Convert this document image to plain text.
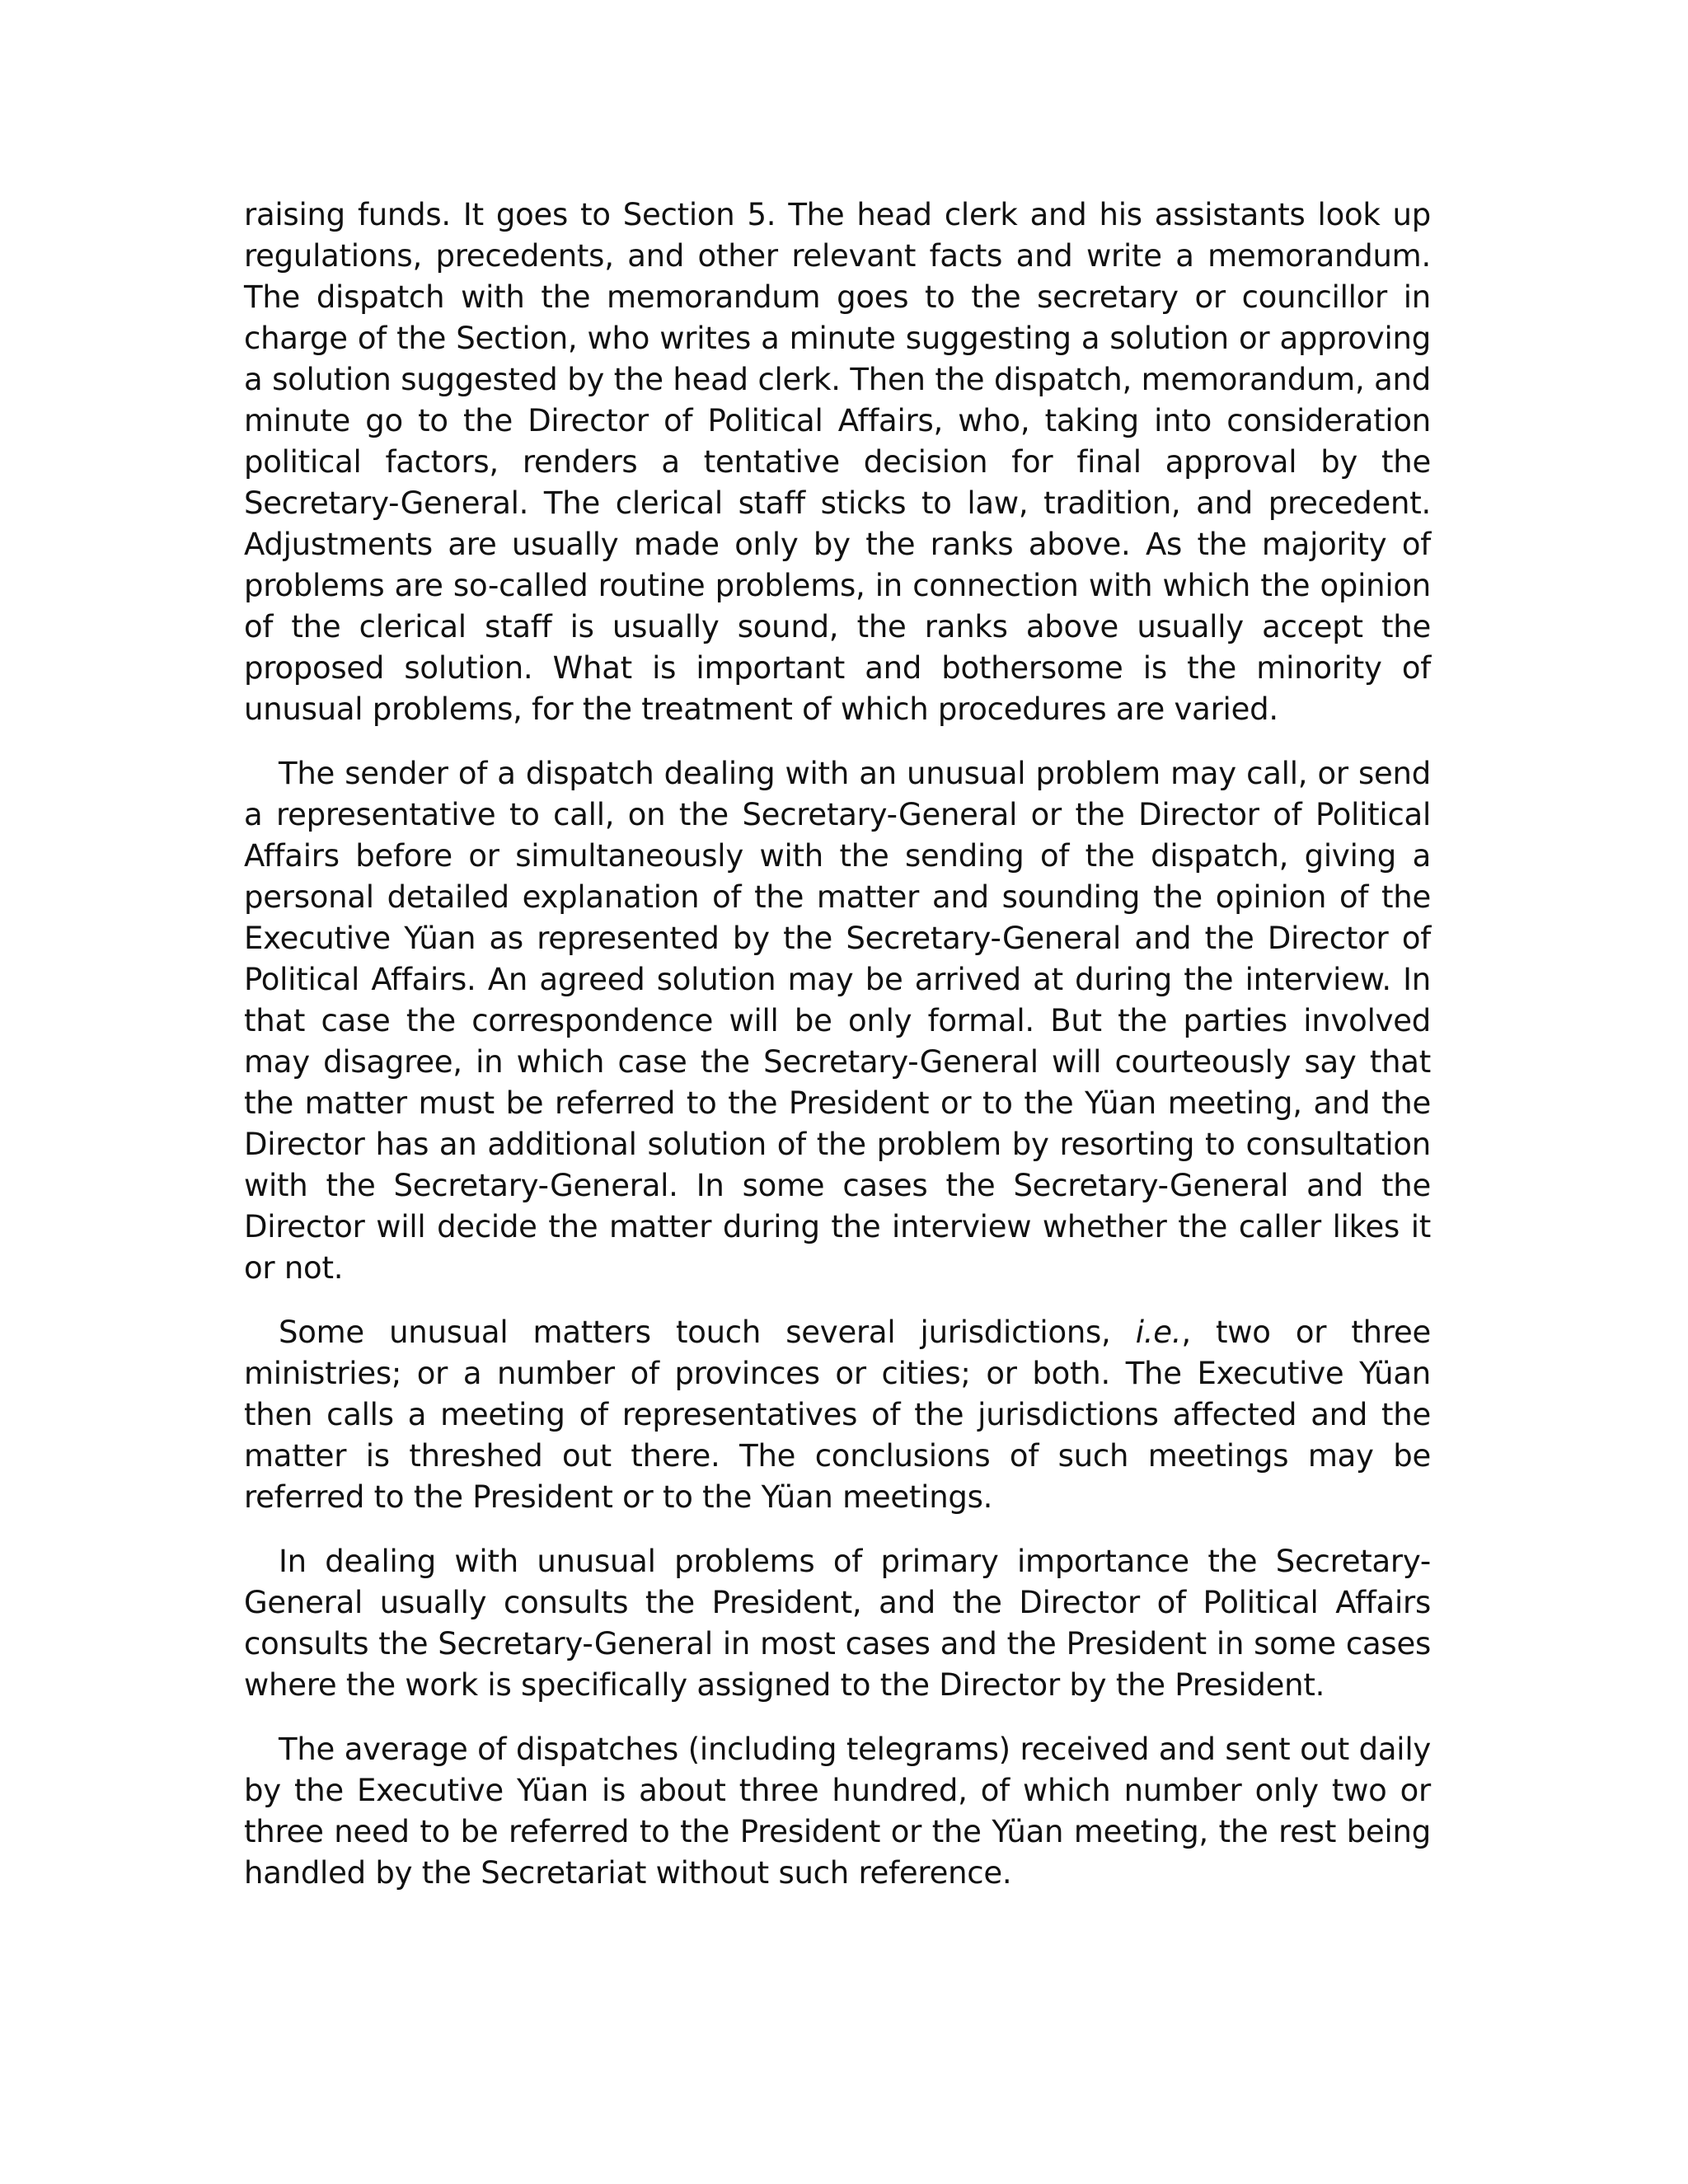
raising funds. It goes to Section 5. The head clerk and his assistants look up regulations, precedents, and other relevant facts and write a memorandum. The dispatch with the memorandum goes to the secretary or councillor in charge of the Section, who writes a minute suggesting a solution or approving a solution suggested by the head clerk. Then the dispatch, memorandum, and minute go to the Director of Political Affairs, who, taking into consideration political factors, renders a tentative decision for final approval by the Secretary-General. The clerical staff sticks to law, tradition, and precedent. Adjustments are usually made only by the ranks above. As the majority of problems are so-called routine problems, in connection with which the opinion of the clerical staff is usually sound, the ranks above usually accept the proposed solution. What is important and bothersome is the minority of unusual problems, for the treatment of which procedures are varied.

The sender of a dispatch dealing with an unusual problem may call, or send a representative to call, on the Secretary-General or the Director of Political Affairs before or simultaneously with the sending of the dispatch, giving a personal detailed explanation of the matter and sounding the opinion of the Executive Yüan as represented by the Secretary-General and the Director of Political Affairs. An agreed solution may be arrived at during the interview. In that case the correspondence will be only formal. But the parties involved may disagree, in which case the Secretary-General will courteously say that the matter must be referred to the President or to the Yüan meeting, and the Director has an additional solution of the problem by resorting to consultation with the Secretary-General. In some cases the Secretary-General and the Director will decide the matter during the interview whether the caller likes it or not.

Some unusual matters touch several jurisdictions, i.e., two or three ministries; or a number of provinces or cities; or both. The Executive Yüan then calls a meeting of representatives of the jurisdictions affected and the matter is threshed out there. The conclusions of such meetings may be referred to the President or to the Yüan meetings.

In dealing with unusual problems of primary importance the Secretary-General usually consults the President, and the Director of Political Affairs consults the Secretary-General in most cases and the President in some cases where the work is specifically assigned to the Director by the President.

The average of dispatches (including telegrams) received and sent out daily by the Executive Yüan is about three hundred, of which number only two or three need to be referred to the President or the Yüan meeting, the rest being handled by the Secretariat without such reference.
